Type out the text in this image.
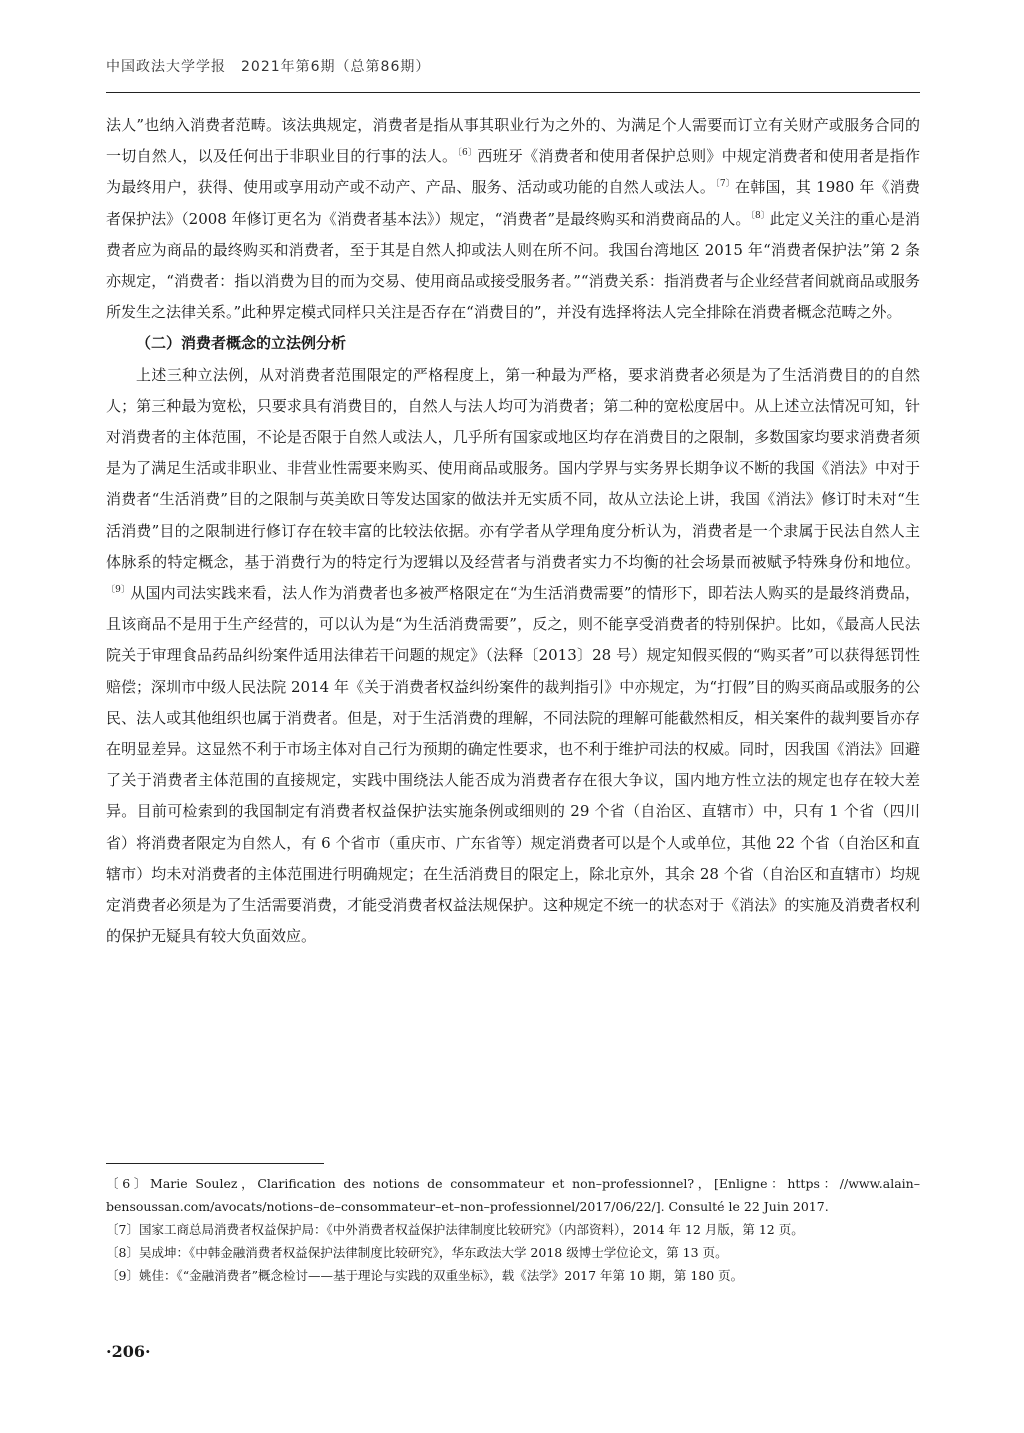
中国政法大学学报　2021年第6期（总第86期）

法人”也纳入消费者范畴。该法典规定，消费者是指从事其职业行为之外的、为满足个人需要而订立有关财产或服务合同的一切自然人，以及任何出于非职业目的行事的法人。$^{〔6〕}$西班牙《消费者和使用者保护总则》中规定消费者和使用者是指作为最终用户，获得、使用或享用动产或不动产、产品、服务、活动或功能的自然人或法人。$^{〔7〕}$在韩国，其 1980 年《消费者保护法》（2008 年修订更名为《消费者基本法》）规定，“消费者”是最终购买和消费商品的人。$^{〔8〕}$此定义关注的重心是消费者应为商品的最终购买和消费者，至于其是自然人抑或法人则在所不问。我国台湾地区 2015 年“消费者保护法”第 2 条亦规定，“消费者：指以消费为目的而为交易、使用商品或接受服务者。”“消费关系：指消费者与企业经营者间就商品或服务所发生之法律关系。”此种界定模式同样只关注是否存在“消费目的”，并没有选择将法人完全排除在消费者概念范畴之外。

（二）消费者概念的立法例分析

上述三种立法例，从对消费者范围限定的严格程度上，第一种最为严格，要求消费者必须是为了生活消费目的的自然人；第三种最为宽松，只要求具有消费目的，自然人与法人均可为消费者；第二种的宽松度居中。从上述立法情况可知，针对消费者的主体范围，不论是否限于自然人或法人，几乎所有国家或地区均存在消费目的之限制，多数国家均要求消费者须是为了满足生活或非职业、非营业性需要来购买、使用商品或服务。国内学界与实务界长期争议不断的我国《消法》中对于消费者“生活消费”目的之限制与英美欧日等发达国家的做法并无实质不同，故从立法论上讲，我国《消法》修订时未对“生活消费”目的之限制进行修订存在较丰富的比较法依据。亦有学者从学理角度分析认为，消费者是一个隶属于民法自然人主体脉系的特定概念，基于消费行为的特定行为逻辑以及经营者与消费者实力不均衡的社会场景而被赋予特殊身份和地位。$^{〔9〕}$从国内司法实践来看，法人作为消费者也多被严格限定在“为生活消费需要”的情形下，即若法人购买的是最终消费品，且该商品不是用于生产经营的，可以认为是“为生活消费需要”，反之，则不能享受消费者的特别保护。比如，《最高人民法院关于审理食品药品纠纷案件适用法律若干问题的规定》（法释〔2013〕28 号）规定知假买假的“购买者”可以获得惩罚性赔偿；深圳市中级人民法院 2014 年《关于消费者权益纠纷案件的裁判指引》中亦规定，为“打假”目的购买商品或服务的公民、法人或其他组织也属于消费者。但是，对于生活消费的理解，不同法院的理解可能截然相反，相关案件的裁判要旨亦存在明显差异。这显然不利于市场主体对自己行为预期的确定性要求，也不利于维护司法的权威。同时，因我国《消法》回避了关于消费者主体范围的直接规定，实践中围绕法人能否成为消费者存在很大争议，国内地方性立法的规定也存在较大差异。目前可检索到的我国制定有消费者权益保护法实施条例或细则的 29 个省（自治区、直辖市）中，只有 1 个省（四川省）将消费者限定为自然人，有 6 个省市（重庆市、广东省等）规定消费者可以是个人或单位，其他 22 个省（自治区和直辖市）均未对消费者的主体范围进行明确规定；在生活消费目的限定上，除北京外，其余 28 个省（自治区和直辖市）均规定消费者必须是为了生活需要消费，才能受消费者权益法规保护。这种规定不统一的状态对于《消法》的实施及消费者权利的保护无疑具有较大负面效应。

〔6〕Marie Soulez，Clarification des notions de consommateur et non–professionnel?，[Enligne：https：//www.alain–bensoussan.com/avocats/notions–de–consommateur–et–non–professionnel/2017/06/22/]. Consulté le 22 Juin 2017.

〔7〕国家工商总局消费者权益保护局：《中外消费者权益保护法律制度比较研究》（内部资料），2014 年 12 月版，第 12 页。

〔8〕吴成坤：《中韩金融消费者权益保护法律制度比较研究》，华东政法大学 2018 级博士学位论文，第 13 页。

〔9〕姚佳：《“金融消费者”概念检讨——基于理论与实践的双重坐标》，载《法学》2017 年第 10 期，第 180 页。

·206·
